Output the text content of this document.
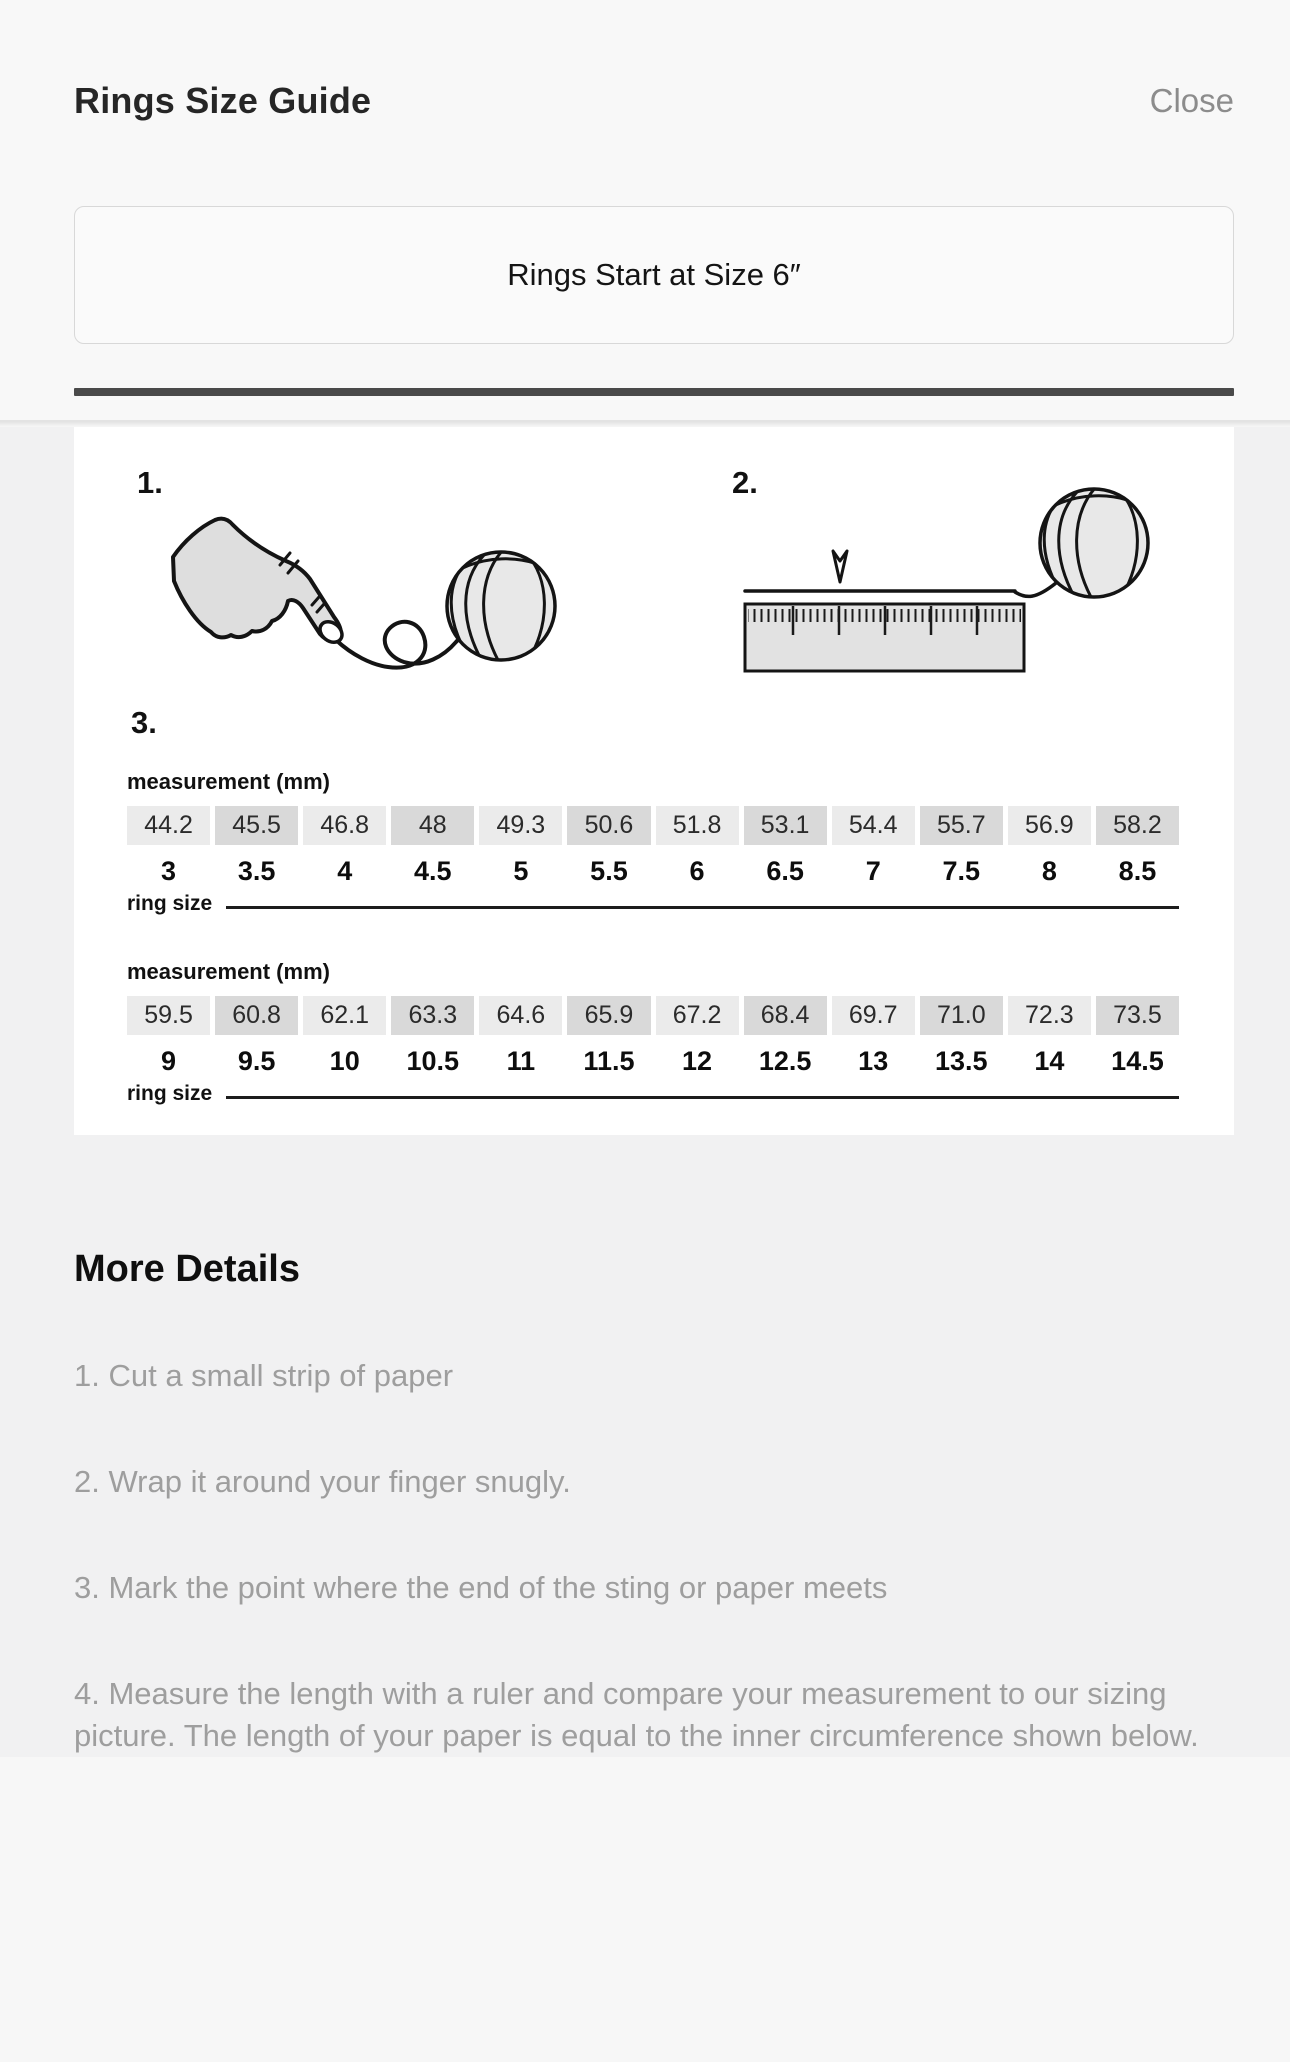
Rings Size Guide	Close
Rings Start at Size 6″
1.	2.
3.
measurement (mm)
44.2	45.5	46.8	48	49.3	50.6	51.8	53.1	54.4	55.7	56.9	58.2
3	3.5	4	4.5	5	5.5	6	6.5	7	7.5	8	8.5
ring size
measurement (mm)
59.5	60.8	62.1	63.3	64.6	65.9	67.2	68.4	69.7	71.0	72.3	73.5
9	9.5	10	10.5	11	11.5	12	12.5	13	13.5	14	14.5
ring size
More Details

1. Cut a small strip of paper

2. Wrap it around your finger snugly.

3. Mark the point where the end of the sting or paper meets

4. Measure the length with a ruler and compare your measurement to our sizing picture. The length of your paper is equal to the inner circumference shown below.
